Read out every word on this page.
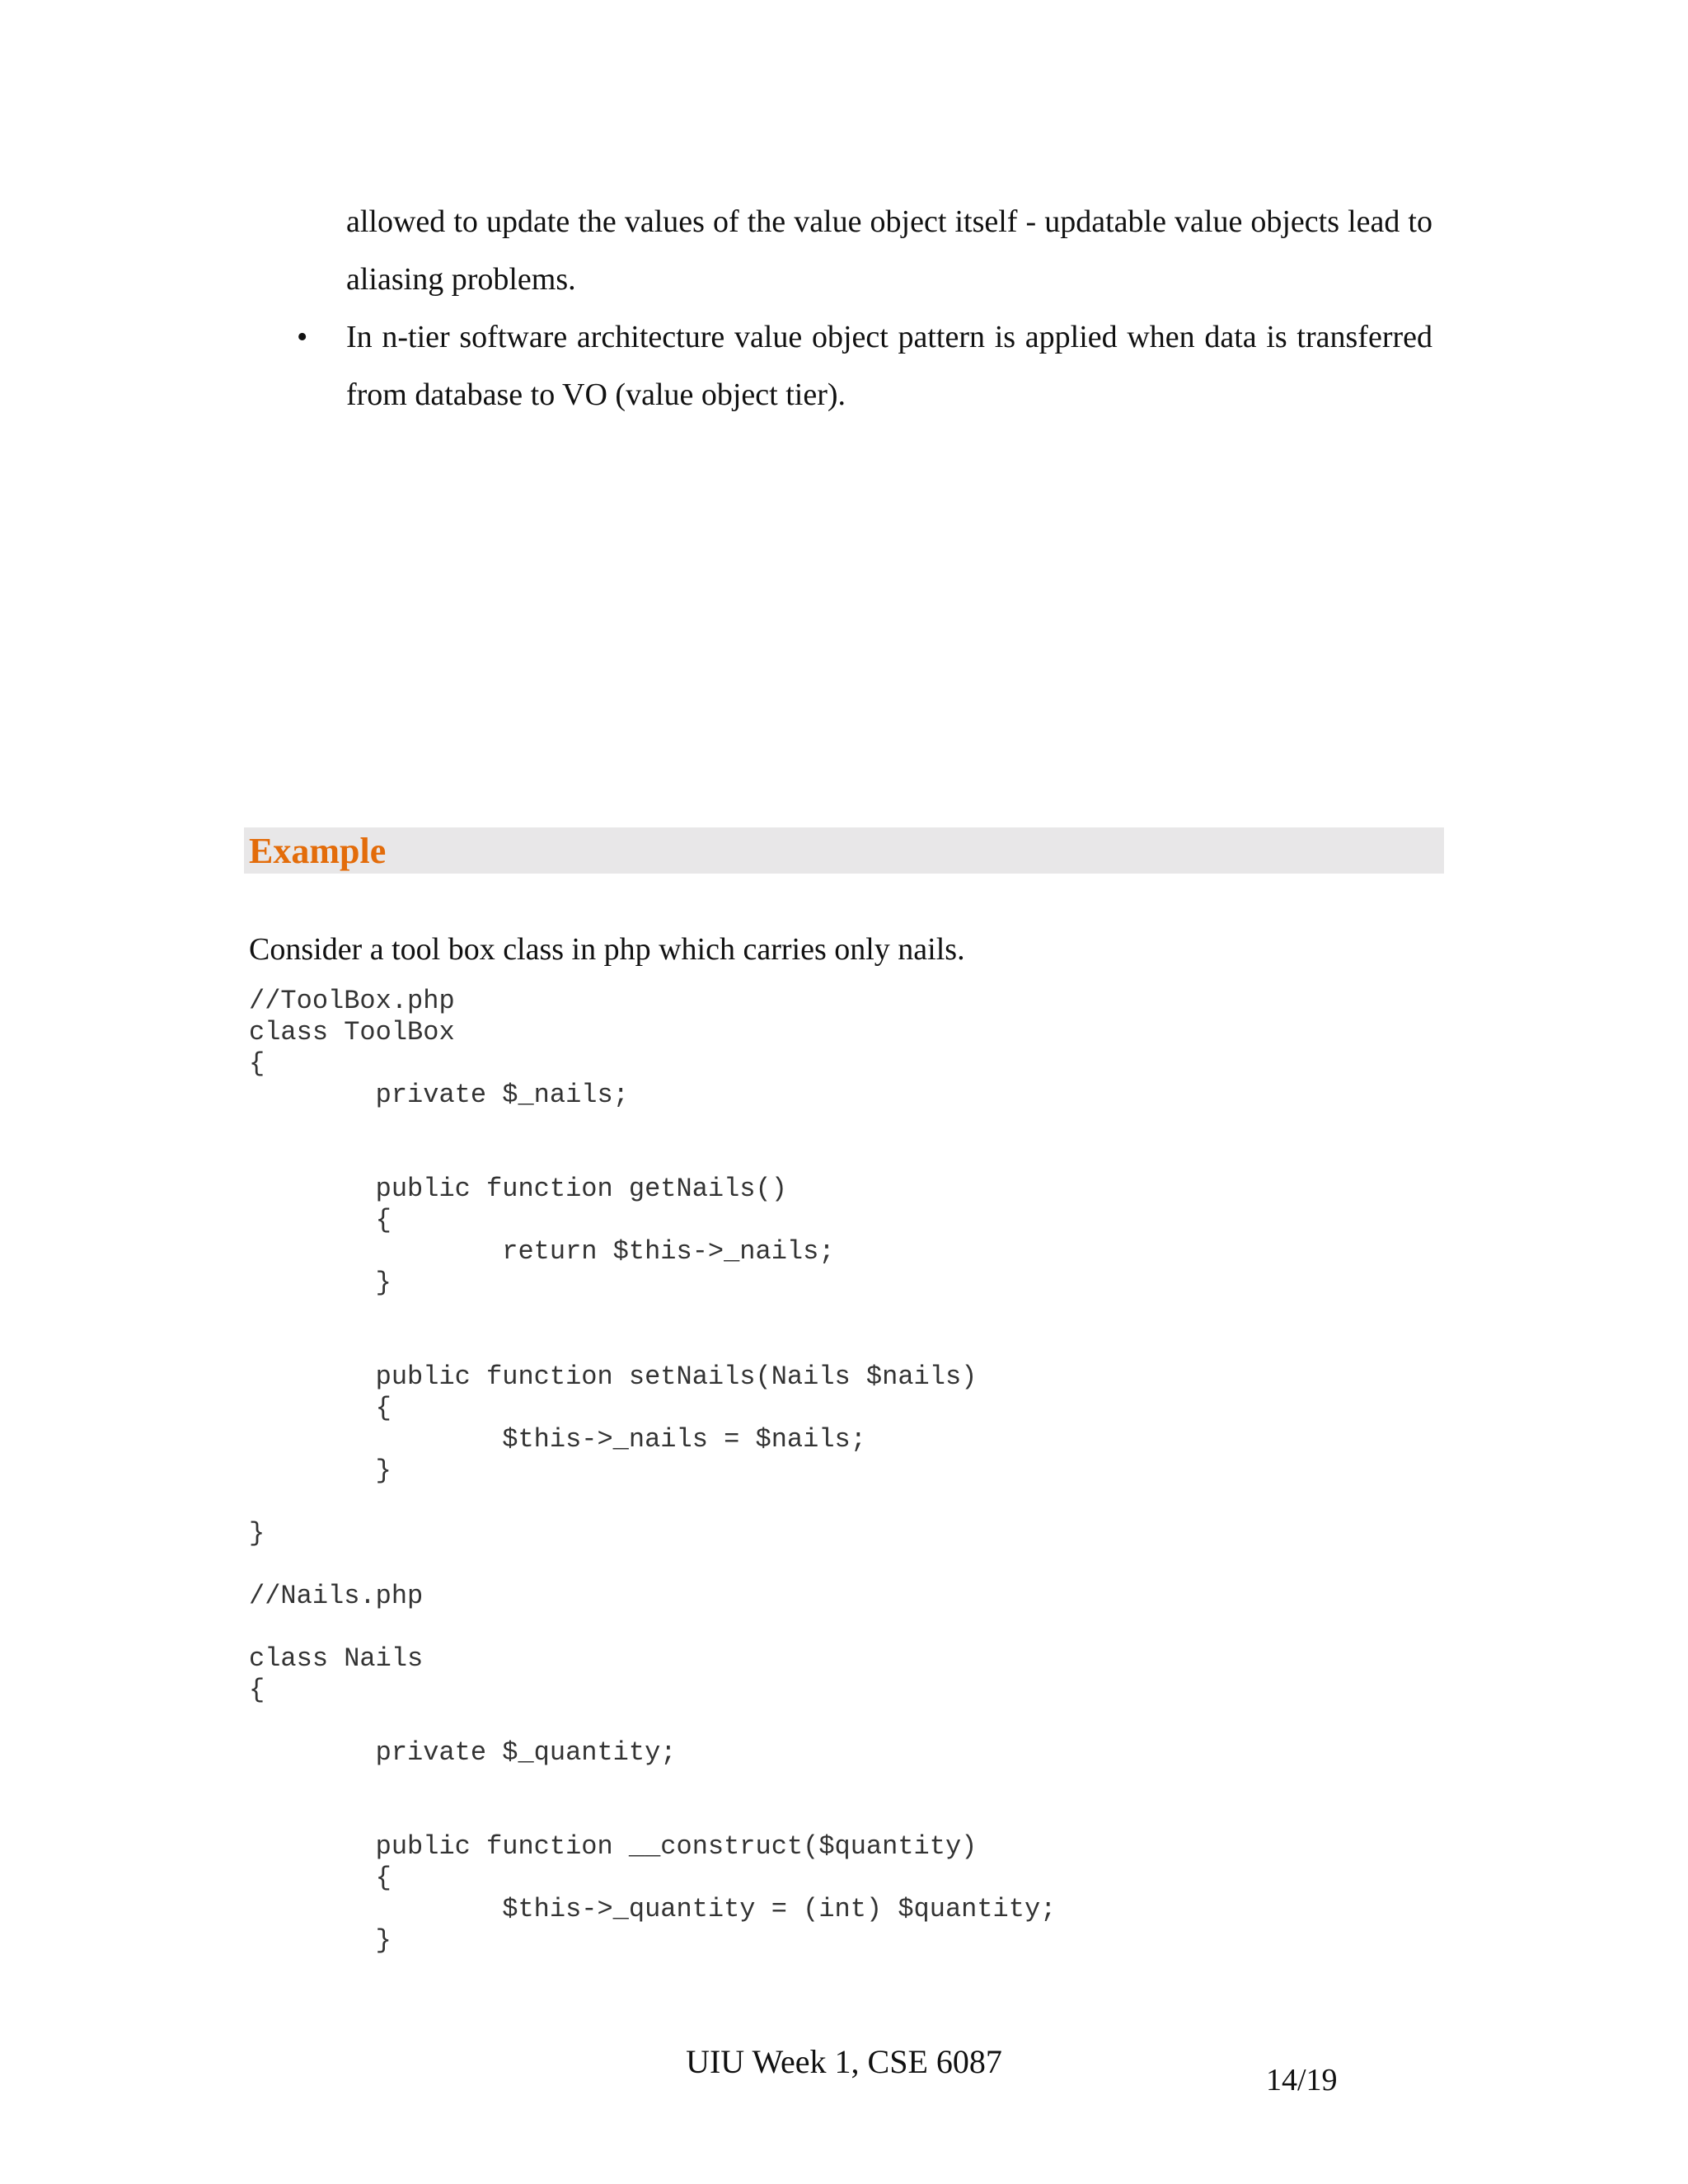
allowed to update the values of the value object itself - updatable value objects lead to aliasing problems.

• In n-tier software architecture value object pattern is applied when data is transferred from database to VO (value object tier).

Example
Consider a tool box class in php which carries only nails.
//ToolBox.php
class ToolBox
{
private $_nails;
public function getNails()
{
return $this->_nails;
}
public function setNails(Nails $nails)
{
$this->_nails = $nails;
}
}
//Nails.php
class Nails
{
private $_quantity;
public function __construct($quantity)
{
$this->_quantity = (int) $quantity;
}
UIU Week 1, CSE 6087	14/19
